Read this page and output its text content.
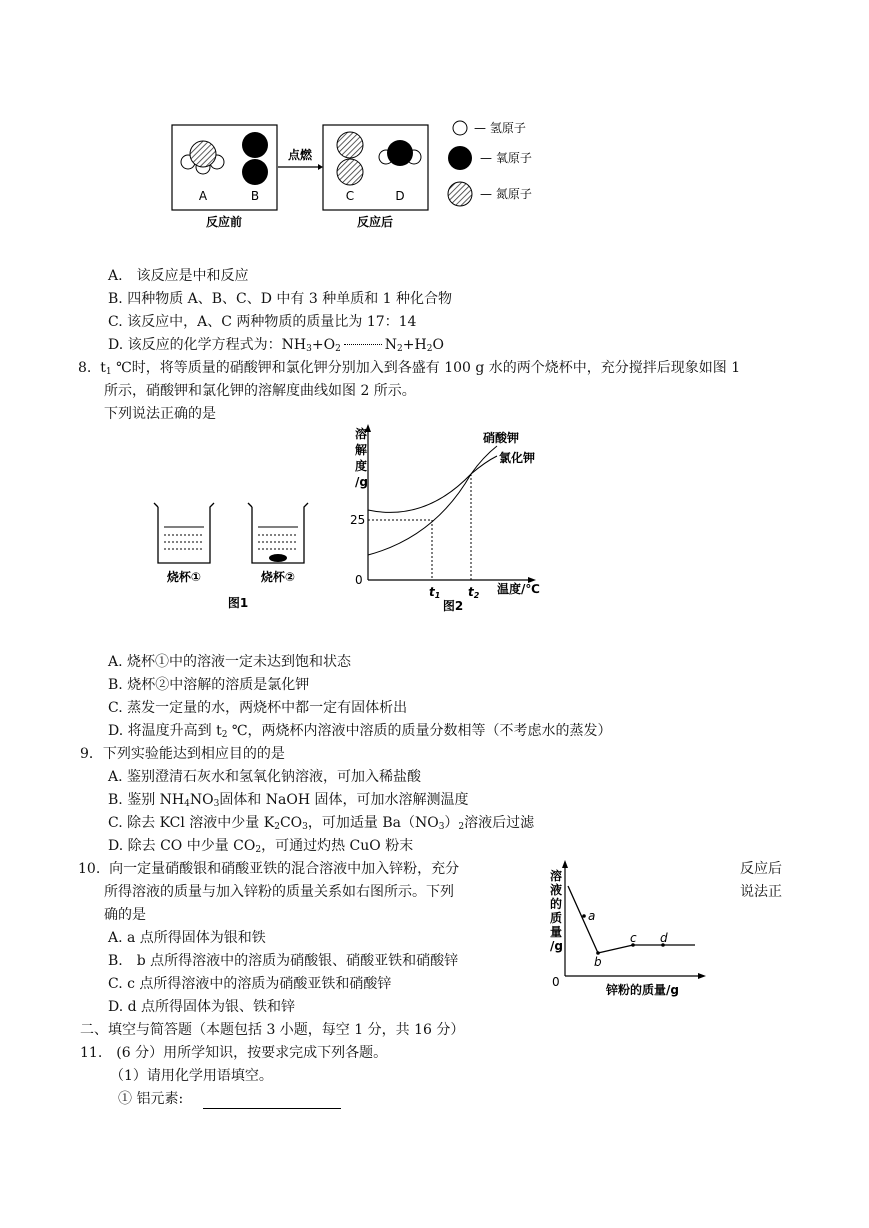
点燃
A	B	C	D
反应前	反应后
— 氢原子
— 氧原子
— 氮原子
A.　该反应是中和反应
B. 四种物质 A、B、C、D 中有 3 种单质和 1 种化合物
C. 该反应中，A、C 两种物质的质量比为 17：14
D. 该反应的化学方程式为：$NH_3+O_2$	$N_2+H_2O$
8. $t_1$ ℃时，将等质量的硝酸钾和氯化钾分别加入到各盛有 100 g 水的两个烧杯中，充分搅拌后现象如图 1
所示，硝酸钾和氯化钾的溶解度曲线如图 2 所示。
下列说法正确的是
烧杯①	烧杯②
图1
溶
解
度
/g
25
0
t1 t2 温度/℃
硝酸钾
氯化钾
图2
A. 烧杯①中的溶液一定未达到饱和状态
B. 烧杯②中溶解的溶质是氯化钾
C. 蒸发一定量的水，两烧杯中都一定有固体析出
D. 将温度升高到 $t_2$ ℃，两烧杯内溶液中溶质的质量分数相等（不考虑水的蒸发）
9．下列实验能达到相应目的的是
A. 鉴别澄清石灰水和氢氧化钠溶液，可加入稀盐酸
B. 鉴别 $NH_4NO_3$固体和 NaOH 固体，可加水溶解测温度
C. 除去 KCl 溶液中少量 $K_2CO_3$，可加适量 $Ba(NO_3)_2$溶液后过滤
D. 除去 CO 中少量 $CO_2$，可通过灼热 CuO 粉末
10. 向一定量硝酸银和硝酸亚铁的混合溶液中加入锌粉，充分	反应后
所得溶液的质量与加入锌粉的质量关系如右图所示。下列	说法正
确的是
A. a 点所得固体为银和铁
B.　b 点所得溶液中的溶质为硝酸银、硝酸亚铁和硝酸锌
C. c 点所得溶液中的溶质为硝酸亚铁和硝酸锌
D. d 点所得固体为银、铁和锌
溶
液
的
质
量
/g
a
b
c d
0
锌粉的质量/g
二、填空与简答题（本题包括 3 小题，每空 1 分，共 16 分）
11.　(6 分）用所学知识，按要求完成下列各题。
（1）请用化学用语填空。
① 铝元素:
